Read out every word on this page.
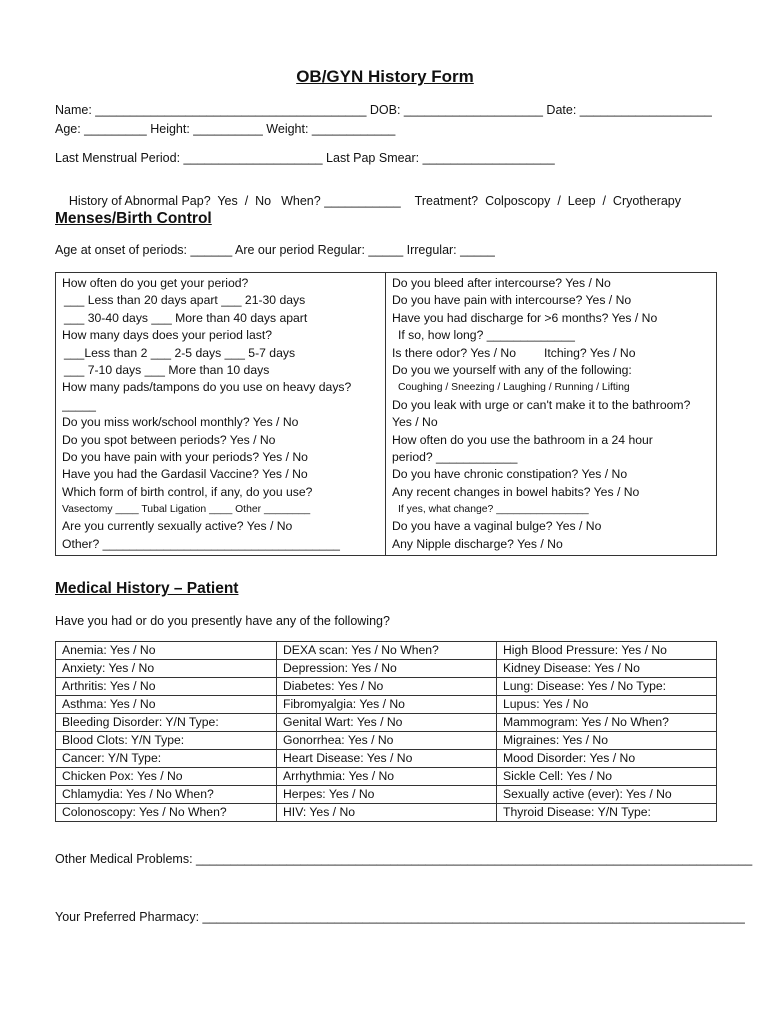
OB/GYN History Form
Name: _______________________________________ DOB: ____________________ Date: ___________________
Age: _________ Height: __________ Weight: ____________
Last Menstrual Period: ____________________ Last Pap Smear: ___________________

History of Abnormal Pap?  Yes  /  No When? ___________ Treatment?  Colposcopy  /  Leep  /  Cryotherapy

Menses/Birth Control
Age at onset of periods: ______ Are our period Regular: _____ Irregular: _____
How often do you get your period?
___ Less than 20 days apart ___ 21-30 days
___ 30-40 days ___ More than 40 days apart
How many days does your period last?
___Less than 2 ___ 2-5 days ___ 5-7 days
___ 7-10 days ___ More than 10 days
How many pads/tampons do you use on heavy days?
_____
Do you miss work/school monthly? Yes / No
Do you spot between periods? Yes / No
Do you have pain with your periods? Yes / No
Have you had the Gardasil Vaccine? Yes / No
Which form of birth control, if any, do you use?
Vasectomy ____ Tubal Ligation ____ Other ________
Are you currently sexually active? Yes / No
Other? ___________________________________

Do you bleed after intercourse? Yes / No
Do you have pain with intercourse? Yes / No
Have you had discharge for >6 months? Yes / No
If so, how long? _____________
Is there odor? Yes / No Itching? Yes / No
Do you we yourself with any of the following:
Coughing / Sneezing / Laughing / Running / Lifting
Do you leak with urge or can't make it to the bathroom?
Yes / No
How often do you use the bathroom in a 24 hour
period? ____________
Do you have chronic constipation? Yes / No
Any recent changes in bowel habits? Yes / No
If yes, what change? ________________
Do you have a vaginal bulge? Yes / No
Any Nipple discharge? Yes / No
Medical History – Patient
Have you had or do you presently have any of the following?
Anemia: Yes / No	DEXA scan: Yes / No When?	High Blood Pressure: Yes / No
Anxiety: Yes / No	Depression: Yes / No	Kidney Disease: Yes / No
Arthritis: Yes / No	Diabetes: Yes / No	Lung: Disease: Yes / No Type:
Asthma: Yes / No	Fibromyalgia: Yes / No	Lupus: Yes / No
Bleeding Disorder: Y/N Type:	Genital Wart: Yes / No	Mammogram: Yes / No When?
Blood Clots: Y/N Type:	Gonorrhea: Yes / No	Migraines: Yes / No
Cancer: Y/N Type:	Heart Disease: Yes / No	Mood Disorder: Yes / No
Chicken Pox: Yes / No	Arrhythmia: Yes / No	Sickle Cell: Yes / No
Chlamydia: Yes / No When?	Herpes: Yes / No	Sexually active (ever): Yes / No
Colonoscopy: Yes / No When?	HIV: Yes / No	Thyroid Disease: Y/N Type:
Other Medical Problems: ________________________________________________________________________________
Your Preferred Pharmacy: ______________________________________________________________________________
